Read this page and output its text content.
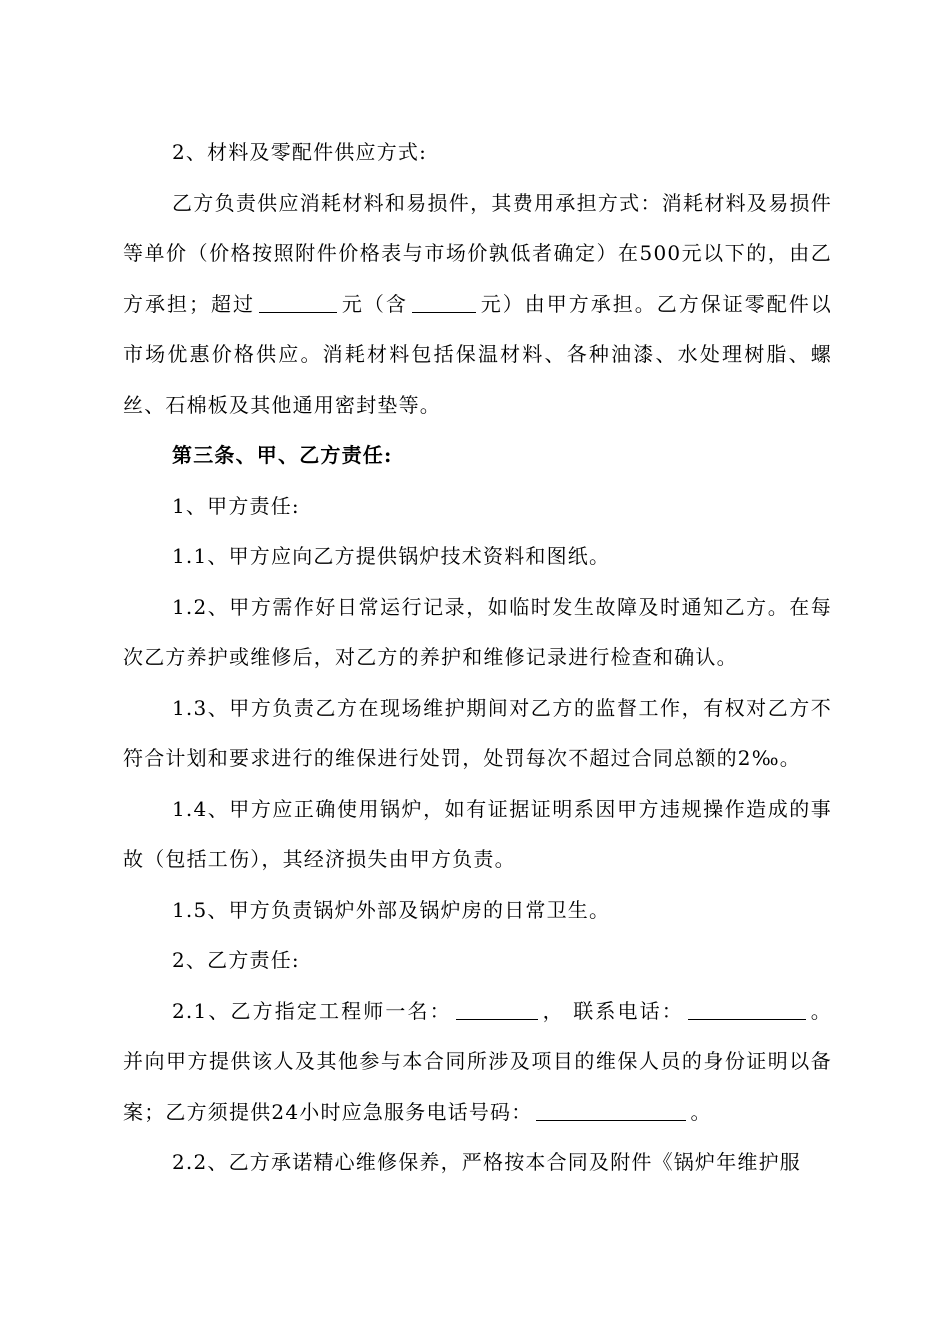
2、材料及零配件供应方式:

乙方负责供应消耗材料和易损件，其费用承担方式：消耗材料及易损件等单价（价格按照附件价格表与市场价孰低者确定）在500元以下的，由乙方承担；超过	元（含	元）由甲方承担。乙方保证零配件以市场优惠价格供应。消耗材料包括保温材料、各种油漆、水处理树脂、螺丝、石棉板及其他通用密封垫等。

第三条、甲、乙方责任:

1、甲方责任:

1.1、甲方应向乙方提供锅炉技术资料和图纸。

1.2、甲方需作好日常运行记录，如临时发生故障及时通知乙方。在每次乙方养护或维修后，对乙方的养护和维修记录进行检查和确认。

1.3、甲方负责乙方在现场维护期间对乙方的监督工作，有权对乙方不符合计划和要求进行的维保进行处罚，处罚每次不超过合同总额的2‰。

1.4、甲方应正确使用锅炉，如有证据证明系因甲方违规操作造成的事故（包括工伤），其经济损失由甲方负责。

1.5、甲方负责锅炉外部及锅炉房的日常卫生。

2、乙方责任:

2.1、乙方指定工程师一名：	， 联系电话：	。并向甲方提供该人及其他参与本合同所涉及项目的维保人员的身份证明以备案；乙方须提供24小时应急服务电话号码：	。

2.2、乙方承诺精心维修保养，严格按本合同及附件《锅炉年维护服
